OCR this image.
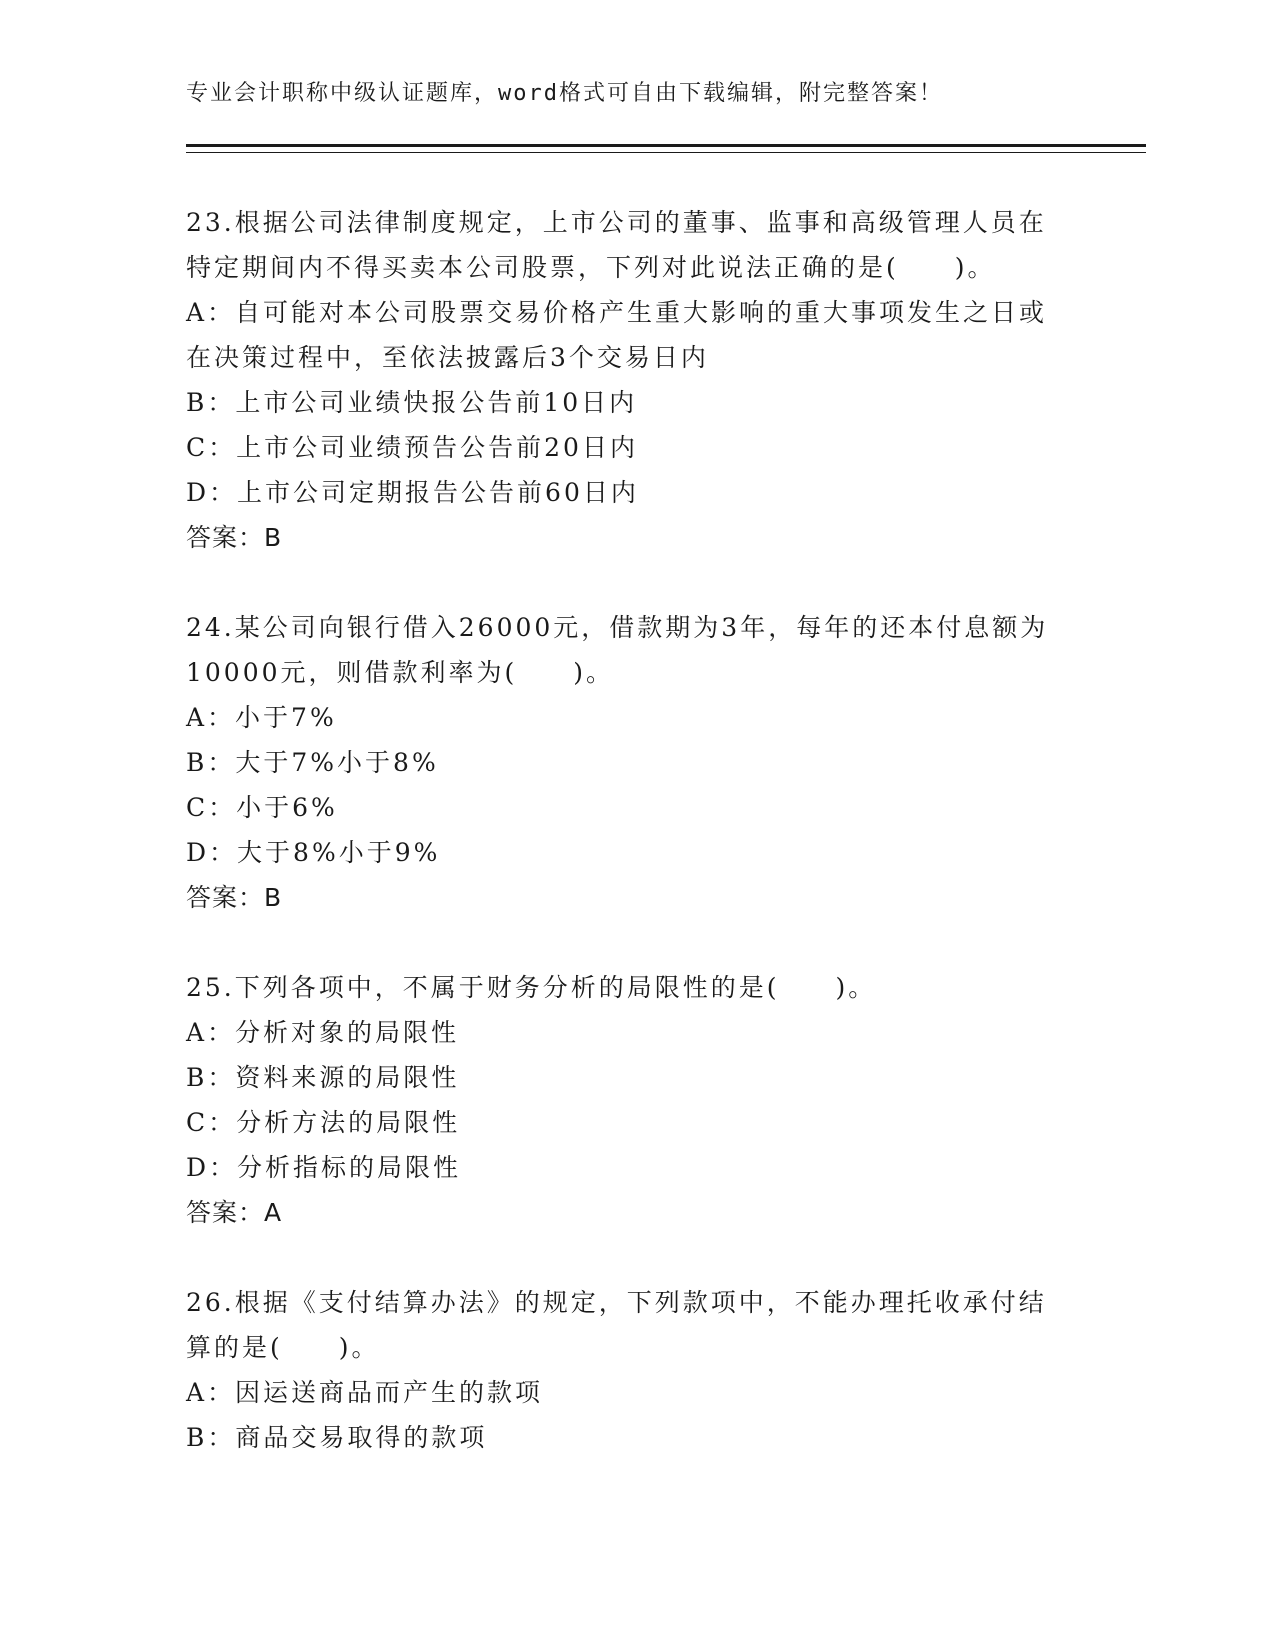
专业会计职称中级认证题库，word格式可自由下载编辑，附完整答案！
23.根据公司法律制度规定，上市公司的董事、监事和高级管理人员在
特定期间内不得买卖本公司股票，下列对此说法正确的是(　　)。
A：自可能对本公司股票交易价格产生重大影响的重大事项发生之日或
在决策过程中，至依法披露后3个交易日内
B：上市公司业绩快报公告前10日内
C：上市公司业绩预告公告前20日内
D：上市公司定期报告公告前60日内
答案：B
24.某公司向银行借入26000元，借款期为3年，每年的还本付息额为
10000元，则借款利率为(　　)。
A：小于7%
B：大于7%小于8%
C：小于6%
D：大于8%小于9%
答案：B
25.下列各项中，不属于财务分析的局限性的是(　　)。
A：分析对象的局限性
B：资料来源的局限性
C：分析方法的局限性
D：分析指标的局限性
答案：A
26.根据《支付结算办法》的规定，下列款项中，不能办理托收承付结
算的是(　　)。
A：因运送商品而产生的款项
B：商品交易取得的款项
